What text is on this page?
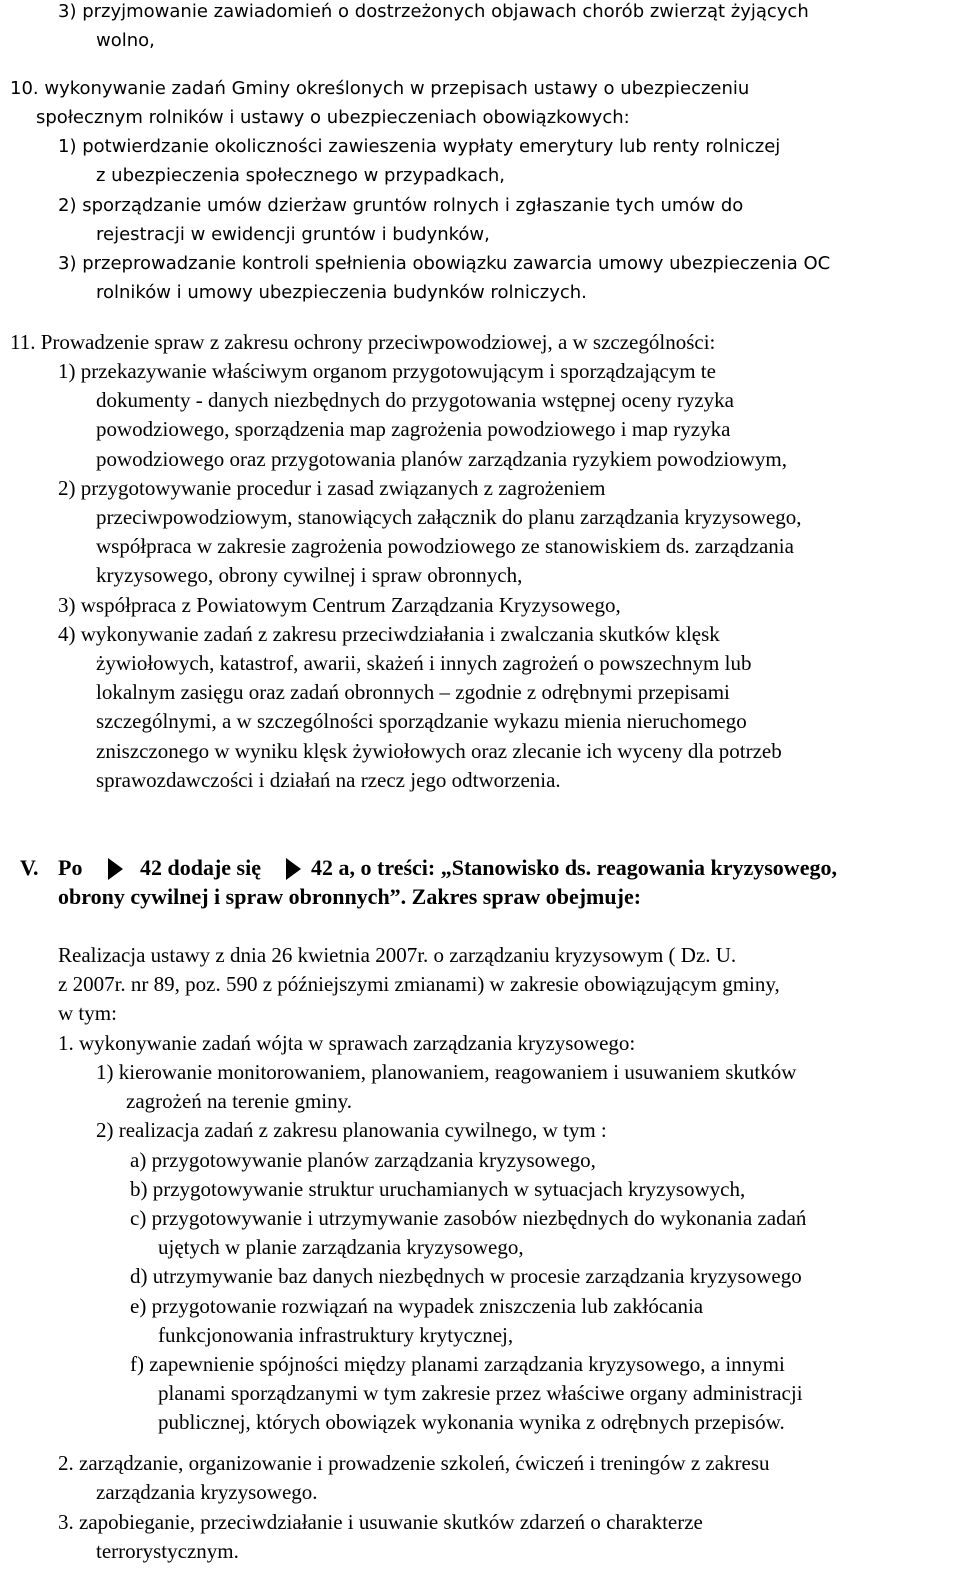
3) przyjmowanie zawiadomień o dostrzeżonych objawach chorób zwierząt żyjących
wolno,
10. wykonywanie zadań Gminy określonych w przepisach ustawy o ubezpieczeniu
społecznym rolników i ustawy o ubezpieczeniach obowiązkowych:
1) potwierdzanie okoliczności zawieszenia wypłaty emerytury lub renty rolniczej
z ubezpieczenia społecznego w przypadkach,
2) sporządzanie umów dzierżaw gruntów rolnych i zgłaszanie tych umów do
rejestracji w ewidencji gruntów i budynków,
3) przeprowadzanie kontroli spełnienia obowiązku zawarcia umowy ubezpieczenia OC
rolników i umowy ubezpieczenia budynków rolniczych.
11. Prowadzenie spraw z zakresu ochrony przeciwpowodziowej, a w szczególności:
1) przekazywanie właściwym organom przygotowującym i sporządzającym te
dokumenty - danych niezbędnych do przygotowania wstępnej oceny ryzyka
powodziowego, sporządzenia map zagrożenia powodziowego i map ryzyka
powodziowego oraz przygotowania planów zarządzania ryzykiem powodziowym,
2) przygotowywanie procedur i zasad związanych z zagrożeniem
przeciwpowodziowym, stanowiących załącznik do planu zarządzania kryzysowego,
współpraca w zakresie zagrożenia powodziowego ze stanowiskiem ds. zarządzania
kryzysowego, obrony cywilnej i spraw obronnych,
3) współpraca z Powiatowym Centrum Zarządzania Kryzysowego,
4) wykonywanie zadań z zakresu przeciwdziałania i zwalczania skutków klęsk
żywiołowych, katastrof, awarii, skażeń i innych zagrożeń o powszechnym lub
lokalnym zasięgu oraz zadań obronnych – zgodnie z odrębnymi przepisami
szczególnymi, a w szczególności sporządzanie wykazu mienia nieruchomego
zniszczonego w wyniku klęsk żywiołowych oraz zlecanie ich wyceny dla potrzeb
sprawozdawczości i działań na rzecz jego odtworzenia.
V. Po	42 dodaje się 42 a, o treści: „Stanowisko ds. reagowania kryzysowego,
obrony cywilnej i spraw obronnych”. Zakres spraw obejmuje:
Realizacja ustawy z dnia 26 kwietnia 2007r. o zarządzaniu kryzysowym ( Dz. U.
z 2007r. nr 89, poz. 590 z późniejszymi zmianami) w zakresie obowiązującym gminy,
w tym:
1. wykonywanie zadań wójta w sprawach zarządzania kryzysowego:
1) kierowanie monitorowaniem, planowaniem, reagowaniem i usuwaniem skutków
zagrożeń na terenie gminy.
2) realizacja zadań z zakresu planowania cywilnego, w tym :
a) przygotowywanie planów zarządzania kryzysowego,
b) przygotowywanie struktur uruchamianych w sytuacjach kryzysowych,
c) przygotowywanie i utrzymywanie zasobów niezbędnych do wykonania zadań
ujętych w planie zarządzania kryzysowego,
d) utrzymywanie baz danych niezbędnych w procesie zarządzania kryzysowego
e) przygotowanie rozwiązań na wypadek zniszczenia lub zakłócania
funkcjonowania infrastruktury krytycznej,
f) zapewnienie spójności między planami zarządzania kryzysowego, a innymi
planami sporządzanymi w tym zakresie przez właściwe organy administracji
publicznej, których obowiązek wykonania wynika z odrębnych przepisów.
2. zarządzanie, organizowanie i prowadzenie szkoleń, ćwiczeń i treningów z zakresu
zarządzania kryzysowego.
3. zapobieganie, przeciwdziałanie i usuwanie skutków zdarzeń o charakterze
terrorystycznym.
